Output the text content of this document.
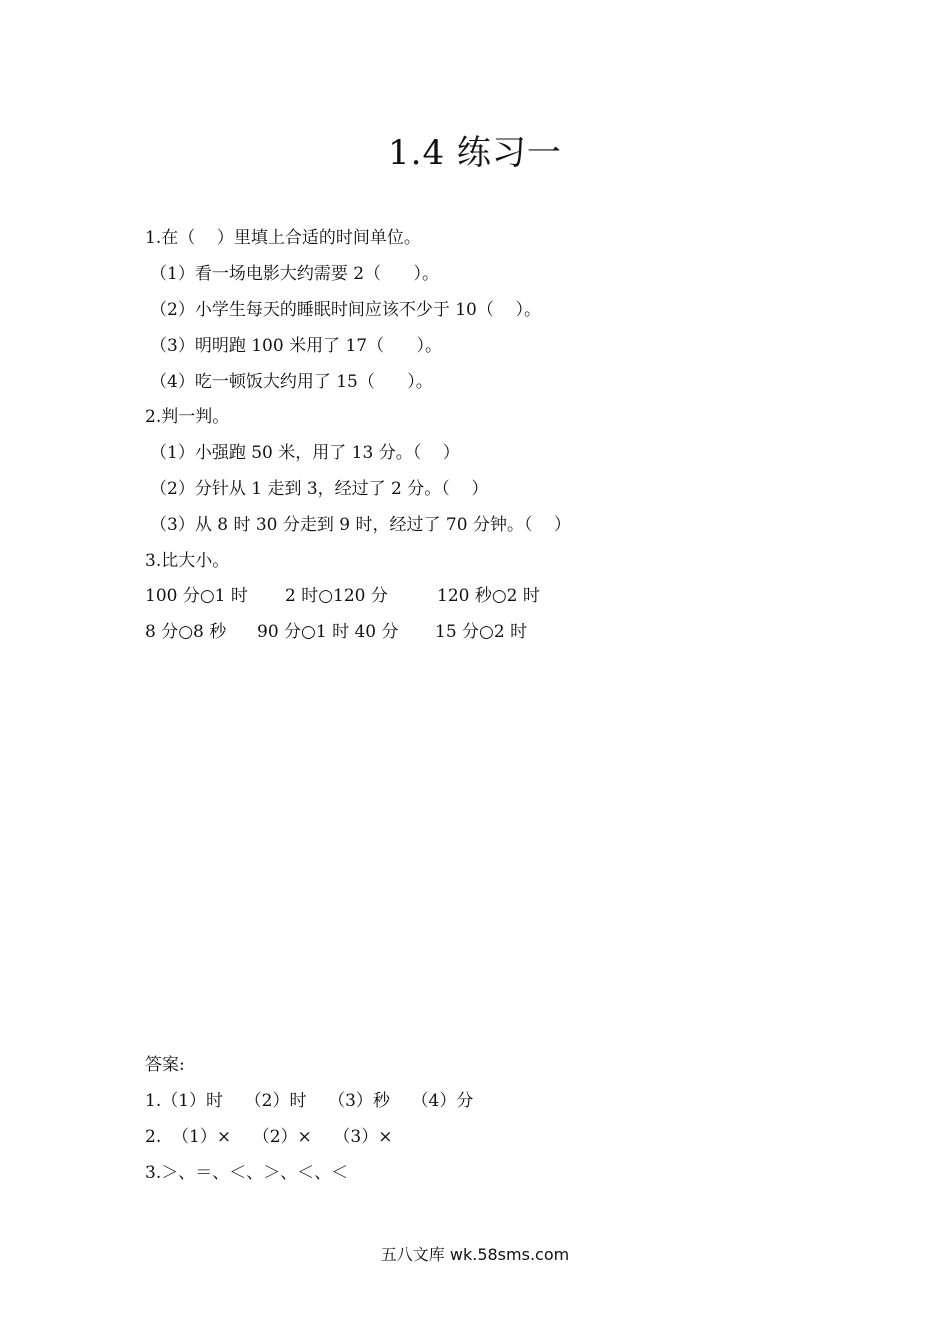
1.4 练习一
1.在（    ）里填上合适的时间单位。
（1）看一场电影大约需要 2（      ）。
（2）小学生每天的睡眠时间应该不少于 10（    ）。
（3）明明跑 100 米用了 17（      ）。
（4）吃一顿饭大约用了 15（      ）。
2.判一判。
（1）小强跑 50 米，用了 13 分。（    ）
（2）分针从 1 走到 3，经过了 2 分。（    ）
（3）从 8 时 30 分走到 9 时，经过了 70 分钟。（    ）
3.比大小。
100 分○1 时 2 时○120 分	120 秒○2 时
8 分○8 秒 90 分○1 时 40 分 15 分○2 时
答案:
1.（1）时    （2）时    （3）秒    （4）分
2.  （1）×    （2）×    （3）×
3.＞、＝、＜、＞、＜、＜
五八文库 wk.58sms.com
